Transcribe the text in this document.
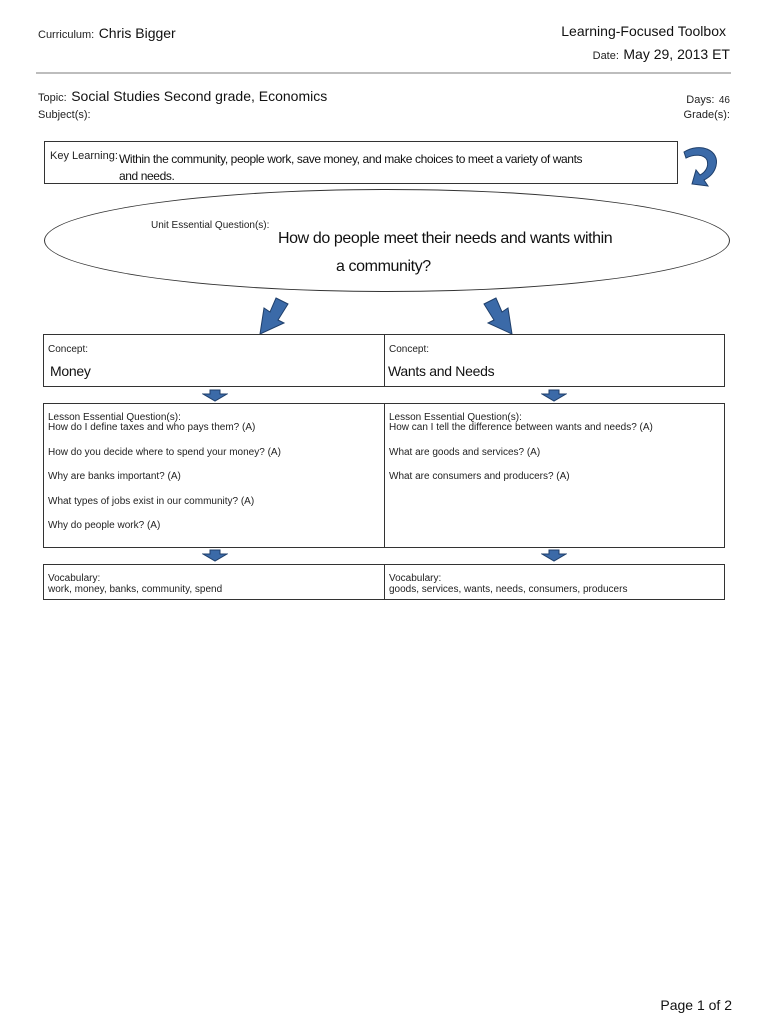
Curriculum: Chris Bigger	Learning-Focused Toolbox
Date: May 29, 2013 ET
Topic: Social Studies Second grade, Economics
Subject(s):
Days: 46
Grade(s):
Key Learning: Within the community, people work, save money, and make choices to meet a variety of wants
and needs.
Unit Essential Question(s):
How do people meet their needs and wants within
a community?
Concept:
Money
Concept:
Wants and Needs
Lesson Essential Question(s):
How do I define taxes and who pays them? (A)
How do you decide where to spend your money? (A)
Why are banks important? (A)
What types of jobs exist in our community? (A)
Why do people work? (A)
Lesson Essential Question(s):
How can I tell the difference between wants and needs? (A)
What are goods and services? (A)
What are consumers and producers? (A)
Vocabulary:
work, money, banks, community, spend
Vocabulary:
goods, services, wants, needs, consumers, producers
Page 1 of 2
